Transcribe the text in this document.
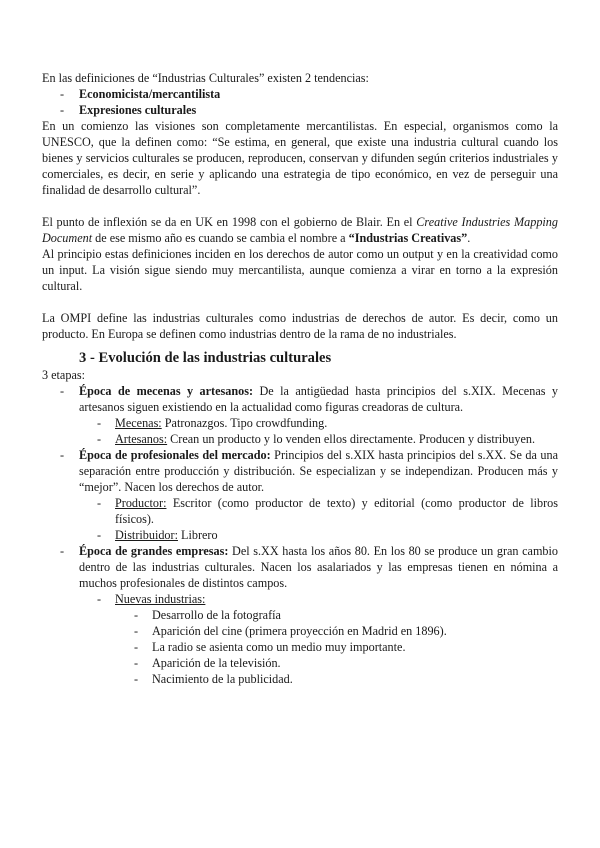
En las definiciones de “Industrias Culturales” existen 2 tendencias:

- Economicista/mercantilista
- Expresiones culturales

En un comienzo las visiones son completamente mercantilistas. En especial, organismos como la UNESCO, que la definen como: “Se estima, en general, que existe una industria cultural cuando los bienes y servicios culturales se producen, reproducen, conservan y difunden según criterios industriales y comerciales, es decir, en serie y aplicando una estrategia de tipo económico, en vez de perseguir una finalidad de desarrollo cultural”.

El punto de inflexión se da en UK en 1998 con el gobierno de Blair. En el Creative Industries Mapping Document de ese mismo año es cuando se cambia el nombre a “Industrias Creativas”.

Al principio estas definiciones inciden en los derechos de autor como un output y en la creatividad como un input. La visión sigue siendo muy mercantilista, aunque comienza a virar en torno a la expresión cultural.

La OMPI define las industrias culturales como industrias de derechos de autor. Es decir, como un producto. En Europa se definen como industrias dentro de la rama de no industriales.

3 - Evolución de las industrias culturales

3 etapas:

- Época de mecenas y artesanos: De la antigüedad hasta principios del s.XIX. Mecenas y artesanos siguen existiendo en la actualidad como figuras creadoras de cultura.
- Mecenas: Patronazgos. Tipo crowdfunding.
- Artesanos: Crean un producto y lo venden ellos directamente. Producen y distribuyen.
- Época de profesionales del mercado: Principios del s.XIX hasta principios del s.XX. Se da una separación entre producción y distribución. Se especializan y se independizan. Producen más y “mejor”. Nacen los derechos de autor.
- Productor: Escritor (como productor de texto) y editorial (como productor de libros físicos).
- Distribuidor: Librero
- Época de grandes empresas: Del s.XX hasta los años 80. En los 80 se produce un gran cambio dentro de las industrias culturales. Nacen los asalariados y las empresas tienen en nómina a muchos profesionales de distintos campos.
- Nuevas industrias:
- Desarrollo de la fotografía
- Aparición del cine (primera proyección en Madrid en 1896).
- La radio se asienta como un medio muy importante.
- Aparición de la televisión.
- Nacimiento de la publicidad.
